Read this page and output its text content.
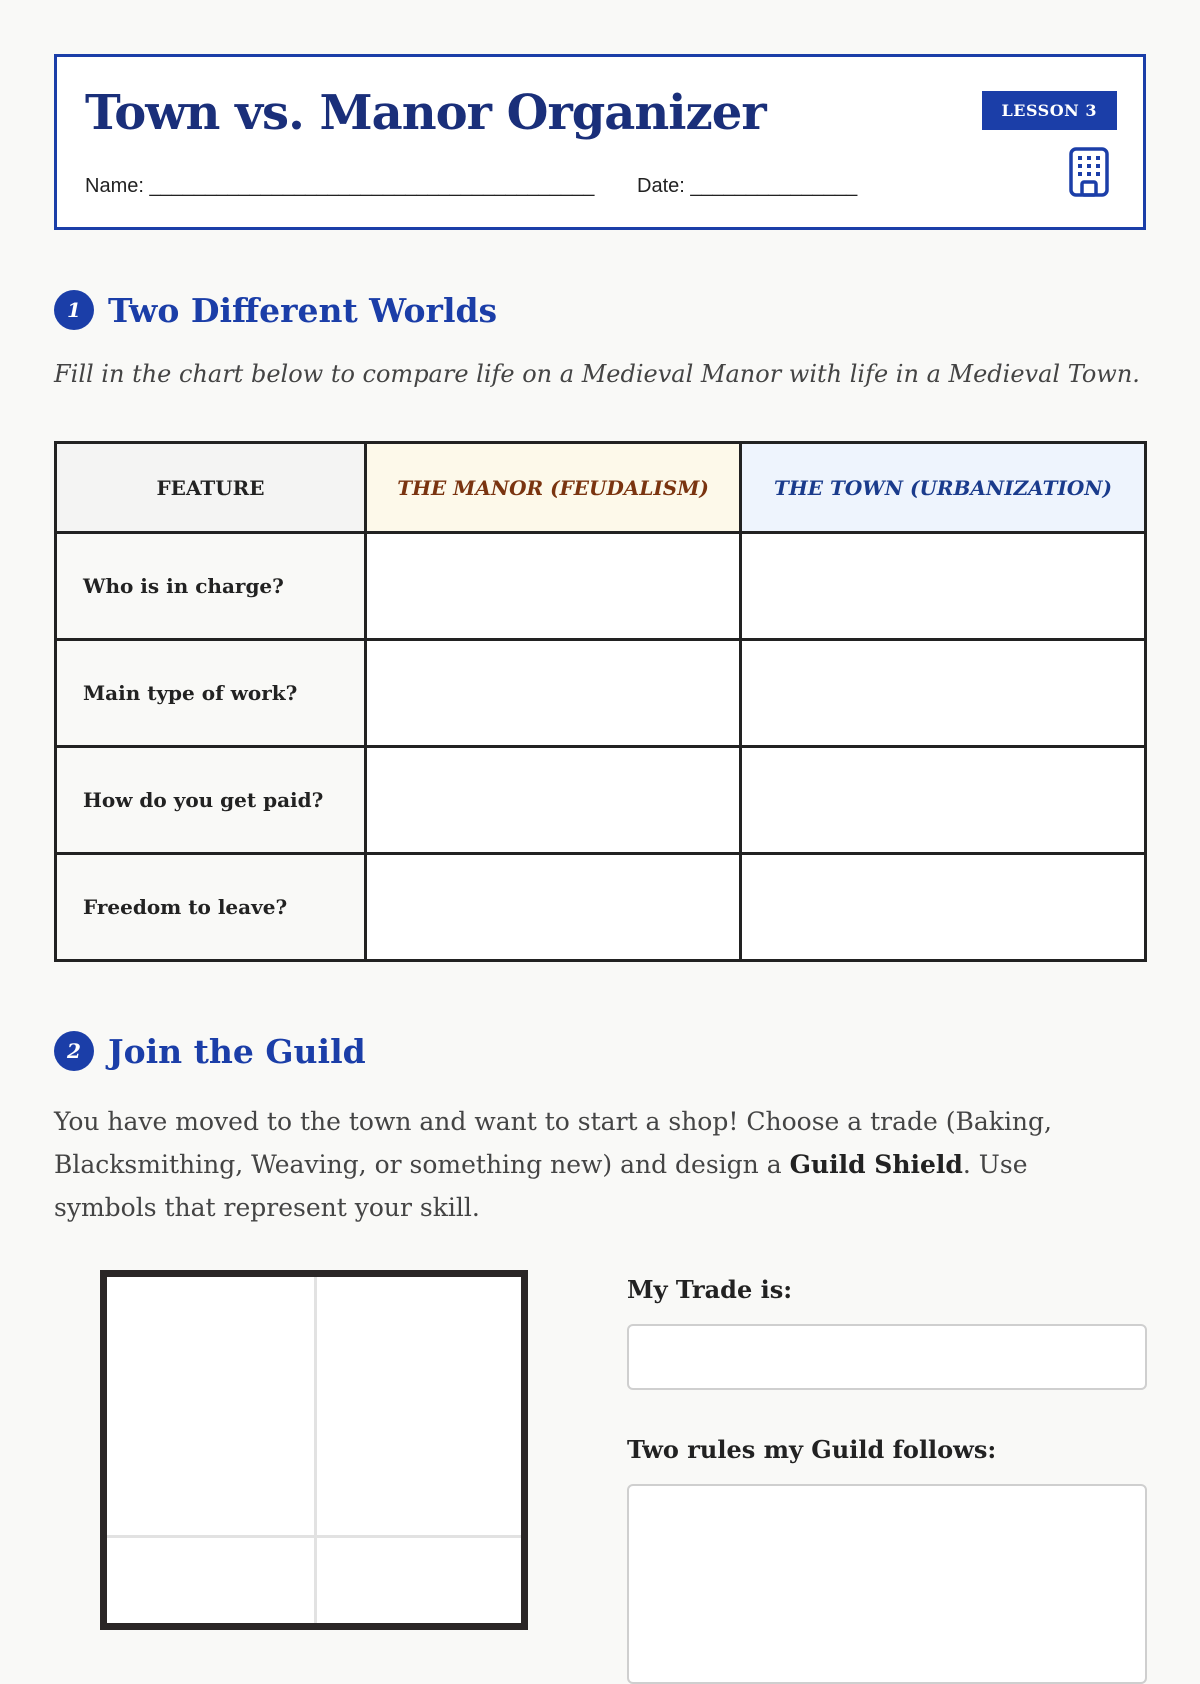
Town vs. Manor Organizer
Name: ________________________________________ Date: _______________
LESSON 3
1 Two Different Worlds
Fill in the chart below to compare life on a Medieval Manor with life in a Medieval Town.
FEATURE	THE MANOR (FEUDALISM)	THE TOWN (URBANIZATION)
Who is in charge?		
Main type of work?		
How do you get paid?		
Freedom to leave?		
2 Join the Guild
You have moved to the town and want to start a shop! Choose a trade (Baking, Blacksmithing, Weaving, or something new) and design a Guild Shield. Use symbols that represent your skill.
My Trade is:
Two rules my Guild follows:
